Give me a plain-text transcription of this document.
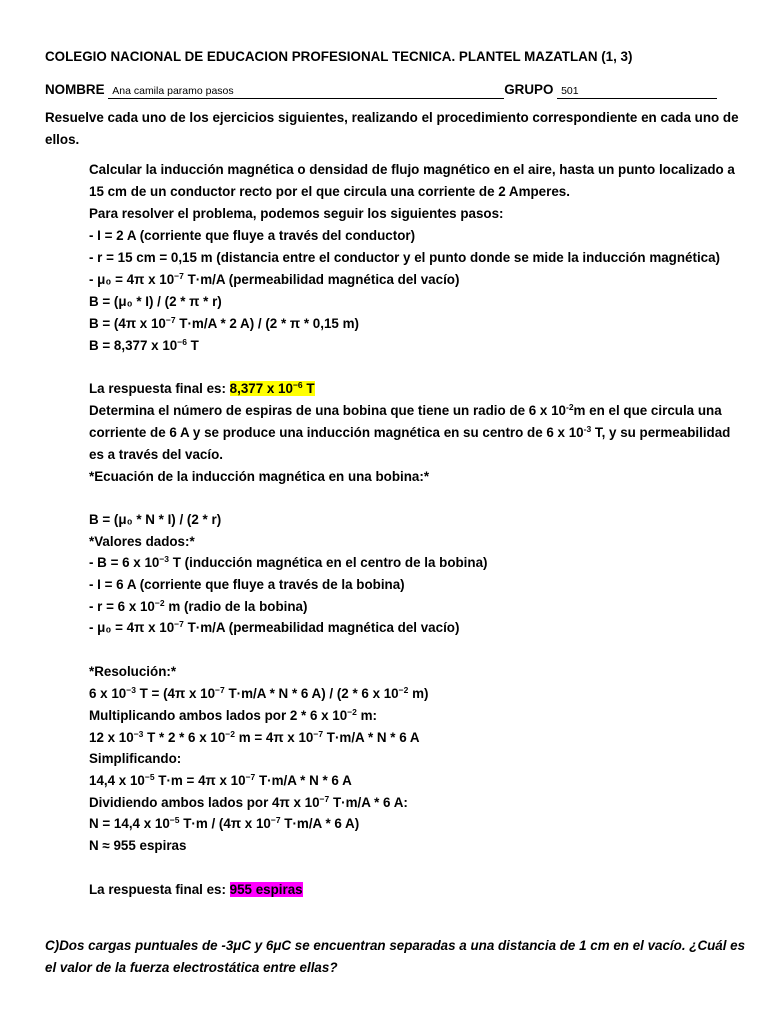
COLEGIO NACIONAL DE EDUCACION PROFESIONAL TECNICA. PLANTEL MAZATLAN (1, 3)
NOMBRE Ana camila paramo pasos	GRUPO 501
Resuelve cada uno de los ejercicios siguientes, realizando el procedimiento correspondiente en cada uno de
ellos.
Calcular la inducción magnética o densidad de flujo magnético en el aire, hasta un punto localizado a
15 cm de un conductor recto por el que circula una corriente de 2 Amperes.
Para resolver el problema, podemos seguir los siguientes pasos:
- I = 2 A (corriente que fluye a través del conductor)
- r = 15 cm = 0,15 m (distancia entre el conductor y el punto donde se mide la inducción magnética)
- μ₀ = 4π x $10^{-7}$ T·m/A (permeabilidad magnética del vacío)
B = (μ₀ * I) / (2 * π * r)
B = (4π x $10^{-7}$ T·m/A * 2 A) / (2 * π * 0,15 m)
B = 8,377 x $10^{-6}$ T
La respuesta final es: 8,377 x $10^{-6}$ T
Determina el número de espiras de una bobina que tiene un radio de 6 x $10^{-2}m$ en el que circula una
corriente de 6 A y se produce una inducción magnética en su centro de 6 x $10^{-3}$ T, y su permeabilidad
es a través del vacío.
*Ecuación de la inducción magnética en una bobina:*
B = (μ₀ * N * I) / (2 * r)
*Valores dados:*
- B = 6 x $10^{-3}$ T (inducción magnética en el centro de la bobina)
- I = 6 A (corriente que fluye a través de la bobina)
- r = 6 x $10^{-2}$ m (radio de la bobina)
- μ₀ = 4π x $10^{-7}$ T·m/A (permeabilidad magnética del vacío)
*Resolución:*
6 x $10^{-3}$ T = (4π x $10^{-7}$ T·m/A * N * 6 A) / (2 * 6 x $10^{-2}$ m)
Multiplicando ambos lados por 2 * 6 x $10^{-2}$ m:
12 x $10^{-3}$ T * 2 * 6 x $10^{-2}$ m = 4π x $10^{-7}$ T·m/A * N * 6 A
Simplificando:
14,4 x $10^{-5}$ T·m = 4π x $10^{-7}$ T·m/A * N * 6 A
Dividiendo ambos lados por 4π x $10^{-7}$ T·m/A * 6 A:
N = 14,4 x $10^{-5}$ T·m / (4π x $10^{-7}$ T·m/A * 6 A)
N ≈ 955 espiras
La respuesta final es: 955 espiras
C)Dos cargas puntuales de -3μC y 6μC se encuentran separadas a una distancia de 1 cm en el vacío. ¿Cuál es
el valor de la fuerza electrostática entre ellas?
